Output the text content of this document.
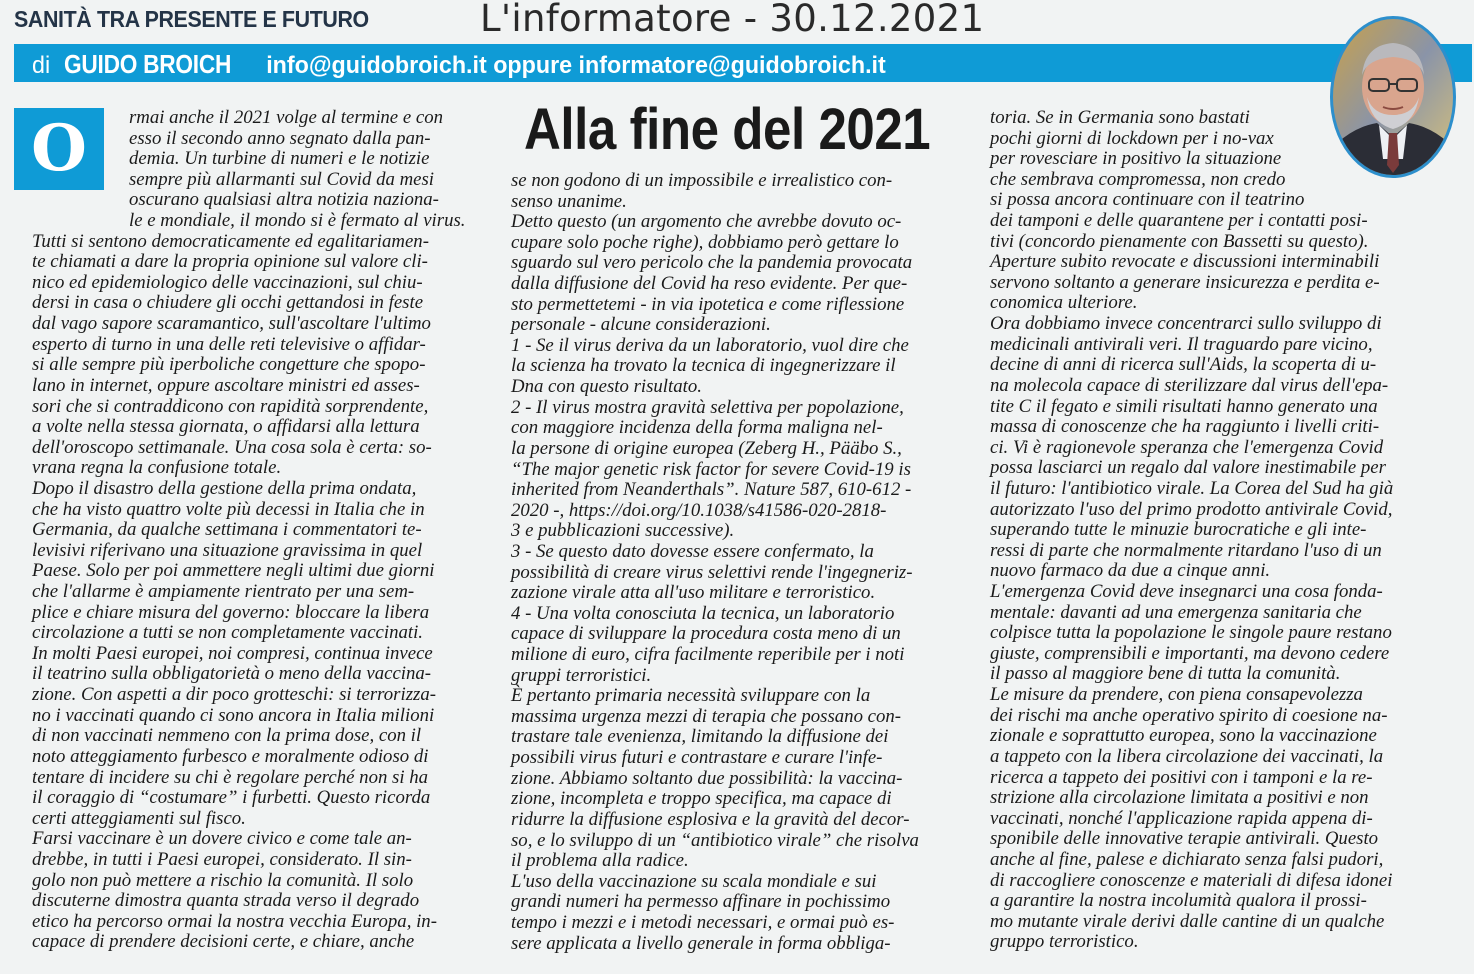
SANITÀ TRA PRESENTE E FUTURO	L'informatore - 30.12.2021
di GUIDO BROICH info@guidobroich.it oppure informatore@guidobroich.it
O	Alla fine del 2021
rmai anche il 2021 volge al termine e con
esso il secondo anno segnato dalla pan-
demia. Un turbine di numeri e le notizie
sempre più allarmanti sul Covid da mesi
oscurano qualsiasi altra notizia naziona-
le e mondiale, il mondo si è fermato al virus.
Tutti si sentono democraticamente ed egalitariamen-
te chiamati a dare la propria opinione sul valore cli-
nico ed epidemiologico delle vaccinazioni, sul chiu-
dersi in casa o chiudere gli occhi gettandosi in feste
dal vago sapore scaramantico, sull'ascoltare l'ultimo
esperto di turno in una delle reti televisive o affidar-
si alle sempre più iperboliche congetture che spopo-
lano in internet, oppure ascoltare ministri ed asses-
sori che si contraddicono con rapidità sorprendente,
a volte nella stessa giornata, o affidarsi alla lettura
dell'oroscopo settimanale. Una cosa sola è certa: so-
vrana regna la confusione totale.
Dopo il disastro della gestione della prima ondata,
che ha visto quattro volte più decessi in Italia che in
Germania, da qualche settimana i commentatori te-
levisivi riferivano una situazione gravissima in quel
Paese. Solo per poi ammettere negli ultimi due giorni
che l'allarme è ampiamente rientrato per una sem-
plice e chiare misura del governo: bloccare la libera
circolazione a tutti se non completamente vaccinati.
In molti Paesi europei, noi compresi, continua invece
il teatrino sulla obbligatorietà o meno della vaccina-
zione. Con aspetti a dir poco grotteschi: si terrorizza-
no i vaccinati quando ci sono ancora in Italia milioni
di non vaccinati nemmeno con la prima dose, con il
noto atteggiamento furbesco e moralmente odioso di
tentare di incidere su chi è regolare perché non si ha
il coraggio di “costumare” i furbetti. Questo ricorda
certi atteggiamenti sul fisco.
Farsi vaccinare è un dovere civico e come tale an-
drebbe, in tutti i Paesi europei, considerato. Il sin-
golo non può mettere a rischio la comunità. Il solo
discuterne dimostra quanta strada verso il degrado
etico ha percorso ormai la nostra vecchia Europa, in-
capace di prendere decisioni certe, e chiare, anche
se non godono di un impossibile e irrealistico con-
senso unanime.
Detto questo (un argomento che avrebbe dovuto oc-
cupare solo poche righe), dobbiamo però gettare lo
sguardo sul vero pericolo che la pandemia provocata
dalla diffusione del Covid ha reso evidente. Per que-
sto permettetemi - in via ipotetica e come riflessione
personale - alcune considerazioni.
1 - Se il virus deriva da un laboratorio, vuol dire che
la scienza ha trovato la tecnica di ingegnerizzare il
Dna con questo risultato.
2 - Il virus mostra gravità selettiva per popolazione,
con maggiore incidenza della forma maligna nel-
la persone di origine europea (Zeberg H., Pääbo S.,
“The major genetic risk factor for severe Covid-19 is
inherited from Neanderthals”. Nature 587, 610-612 -
2020 -, https://doi.org/10.1038/s41586-020-2818-
3 e pubblicazioni successive).
3 - Se questo dato dovesse essere confermato, la
possibilità di creare virus selettivi rende l'ingegneriz-
zazione virale atta all'uso militare e terroristico.
4 - Una volta conosciuta la tecnica, un laboratorio
capace di sviluppare la procedura costa meno di un
milione di euro, cifra facilmente reperibile per i noti
gruppi terroristici.
È pertanto primaria necessità sviluppare con la
massima urgenza mezzi di terapia che possano con-
trastare tale evenienza, limitando la diffusione dei
possibili virus futuri e contrastare e curare l'infe-
zione. Abbiamo soltanto due possibilità: la vaccina-
zione, incompleta e troppo specifica, ma capace di
ridurre la diffusione esplosiva e la gravità del decor-
so, e lo sviluppo di un “antibiotico virale” che risolva
il problema alla radice.
L'uso della vaccinazione su scala mondiale e sui
grandi numeri ha permesso affinare in pochissimo
tempo i mezzi e i metodi necessari, e ormai può es-
sere applicata a livello generale in forma obbliga-
toria. Se in Germania sono bastati
pochi giorni di lockdown per i no-vax
per rovesciare in positivo la situazione
che sembrava compromessa, non credo
si possa ancora continuare con il teatrino
dei tamponi e delle quarantene per i contatti posi-
tivi (concordo pienamente con Bassetti su questo).
Aperture subito revocate e discussioni interminabili
servono soltanto a generare insicurezza e perdita e-
conomica ulteriore.
Ora dobbiamo invece concentrarci sullo sviluppo di
medicinali antivirali veri. Il traguardo pare vicino,
decine di anni di ricerca sull'Aids, la scoperta di u-
na molecola capace di sterilizzare dal virus dell'epa-
tite C il fegato e simili risultati hanno generato una
massa di conoscenze che ha raggiunto i livelli criti-
ci. Vi è ragionevole speranza che l'emergenza Covid
possa lasciarci un regalo dal valore inestimabile per
il futuro: l'antibiotico virale. La Corea del Sud ha già
autorizzato l'uso del primo prodotto antivirale Covid,
superando tutte le minuzie burocratiche e gli inte-
ressi di parte che normalmente ritardano l'uso di un
nuovo farmaco da due a cinque anni.
L'emergenza Covid deve insegnarci una cosa fonda-
mentale: davanti ad una emergenza sanitaria che
colpisce tutta la popolazione le singole paure restano
giuste, comprensibili e importanti, ma devono cedere
il passo al maggiore bene di tutta la comunità.
Le misure da prendere, con piena consapevolezza
dei rischi ma anche operativo spirito di coesione na-
zionale e soprattutto europea, sono la vaccinazione
a tappeto con la libera circolazione dei vaccinati, la
ricerca a tappeto dei positivi con i tamponi e la re-
strizione alla circolazione limitata a positivi e non
vaccinati, nonché l'applicazione rapida appena di-
sponibile delle innovative terapie antivirali. Questo
anche al fine, palese e dichiarato senza falsi pudori,
di raccogliere conoscenze e materiali di difesa idonei
a garantire la nostra incolumità qualora il prossi-
mo mutante virale derivi dalle cantine di un qualche
gruppo terroristico.
